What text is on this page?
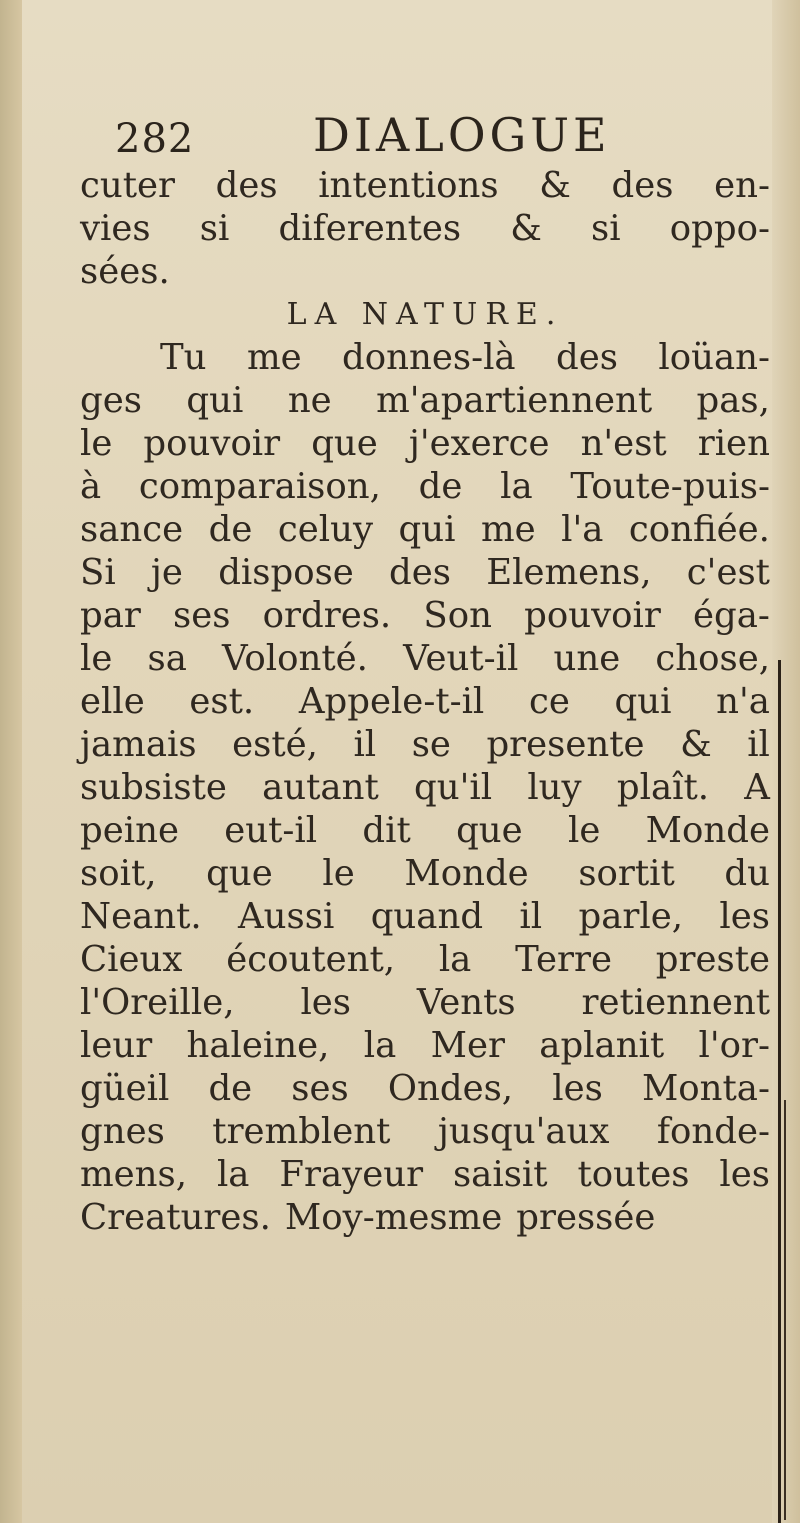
282	DIALOGUE
cuter des intentions & des en-
vies si diferentes & si oppo-
sées.
LA NATURE.
Tu me donnes-là des loüan-
ges qui ne m'apartiennent pas,
le pouvoir que j'exerce n'est rien
à comparaison, de la Toute-puis-
sance de celuy qui me l'a confiée.
Si je dispose des Elemens, c'est
par ses ordres. Son pouvoir éga-
le sa Volonté. Veut-il une chose,
elle est. Appele-t-il ce qui n'a
jamais esté, il se presente & il
subsiste autant qu'il luy plaît. A
peine eut-il dit que le Monde
soit, que le Monde sortit du
Neant. Aussi quand il parle, les
Cieux écoutent, la Terre preste
l'Oreille, les Vents retiennent
leur haleine, la Mer aplanit l'or-
güeil de ses Ondes, les Monta-
gnes tremblent jusqu'aux fonde-
mens, la Frayeur saisit toutes les
Creatures. Moy-mesme pressée
